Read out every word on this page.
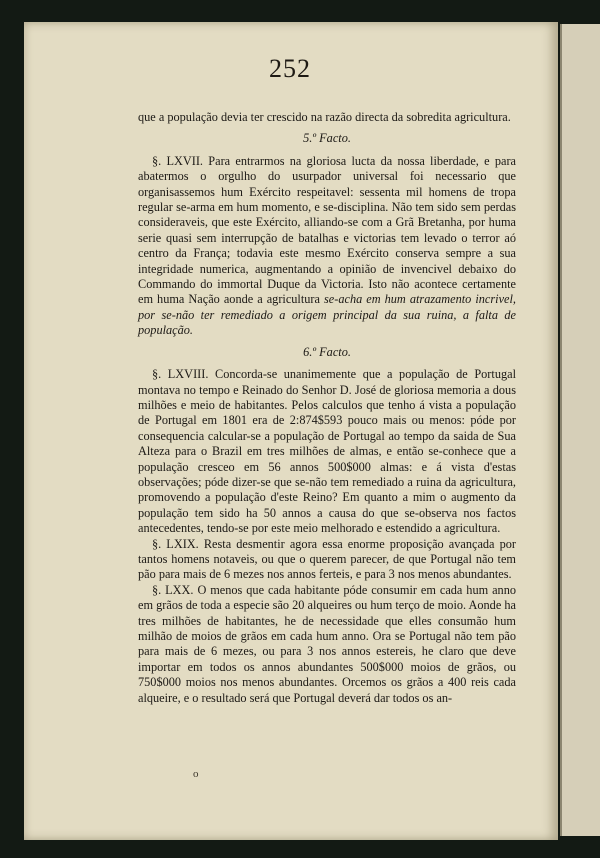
252

que a população devia ter crescido na razão directa da sobredita agricultura.

5.º Facto.

§. LXVII. Para entrarmos na gloriosa lucta da nossa liberdade, e para abatermos o orgulho do usurpador universal foi necessario que organisassemos hum Exército respeitavel: sessenta mil homens de tropa regular se-arma em hum momento, e se-disciplina. Não tem sido sem perdas consideraveis, que este Exército, alliando-se com a Grã Bretanha, por huma serie quasi sem interrupção de batalhas e victorias tem levado o terror aó centro da França; todavia este mesmo Exército conserva sempre a sua integridade numerica, augmentando a opinião de invencivel debaixo do Commando do immortal Duque da Victoria. Isto não acontece certamente em huma Nação aonde a agricultura se-acha em hum atrazamento incrivel, por se-não ter remediado a origem principal da sua ruina, a falta de população.

6.º Facto.

§. LXVIII. Concorda-se unanimemente que a população de Portugal montava no tempo e Reinado do Senhor D. José de gloriosa memoria a dous milhões e meio de habitantes. Pelos calculos que tenho á vista a população de Portugal em 1801 era de 2:874$593 pouco mais ou menos: póde por consequencia calcular-se a população de Portugal ao tempo da saida de Sua Alteza para o Brazil em tres milhões de almas, e então se-conhece que a população cresceo em 56 annos 500$000 almas: e á vista d'estas observações; póde dizer-se que se-não tem remediado a ruina da agricultura, promovendo a população d'este Reino? Em quanto a mim o augmento da população tem sido ha 50 annos a causa do que se-observa nos factos antecedentes, tendo-se por este meio melhorado e estendido a agricultura.

§. LXIX. Resta desmentir agora essa enorme proposição avançada por tantos homens notaveis, ou que o querem parecer, de que Portugal não tem pão para mais de 6 mezes nos annos ferteis, e para 3 nos menos abundantes.

§. LXX. O menos que cada habitante póde consumir em cada hum anno em grãos de toda a especie são 20 alqueires ou hum terço de moio. Aonde ha tres milhões de habitantes, he de necessidade que elles consumão hum milhão de moios de grãos em cada hum anno. Ora se Portugal não tem pão para mais de 6 mezes, ou para 3 nos annos estereis, he claro que deve importar em todos os annos abundantes 500$000 moios de grãos, ou 750$000 moios nos menos abundantes. Orcemos os grãos a 400 reis cada alqueire, e o resultado será que Portugal deverá dar todos os an-

o
